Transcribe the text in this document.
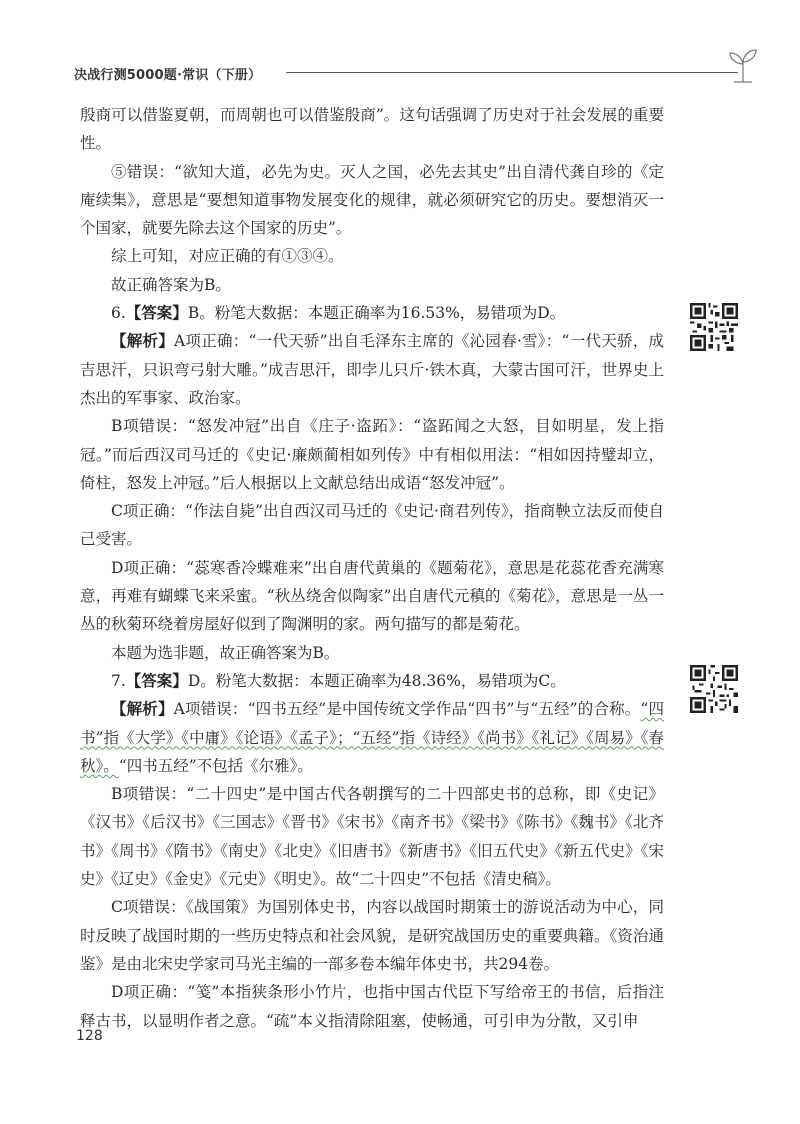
决战行测5000题·常识（下册）

殷商可以借鉴夏朝，而周朝也可以借鉴殷商”。这句话强调了历史对于社会发展的重要性。

⑤错误：“欲知大道，必先为史。灭人之国，必先去其史”出自清代龚自珍的《定庵续集》，意思是“要想知道事物发展变化的规律，就必须研究它的历史。要想消灭一个国家，就要先除去这个国家的历史”。

综上可知，对应正确的有①③④。

故正确答案为B。

6.【答案】B。粉笔大数据：本题正确率为16.53%，易错项为D。

【解析】A项正确：“一代天骄”出自毛泽东主席的《沁园春·雪》：“一代天骄，成吉思汗，只识弯弓射大雕。”成吉思汗，即孛儿只斤·铁木真，大蒙古国可汗，世界史上杰出的军事家、政治家。

B项错误：“怒发冲冠”出自《庄子·盗跖》：“盗跖闻之大怒，目如明星，发上指冠。”而后西汉司马迁的《史记·廉颇蔺相如列传》中有相似用法：“相如因持璧却立，倚柱，怒发上冲冠。”后人根据以上文献总结出成语“怒发冲冠”。

C项正确：“作法自毙”出自西汉司马迁的《史记·商君列传》，指商鞅立法反而使自己受害。

D项正确：“蕊寒香冷蝶难来”出自唐代黄巢的《题菊花》，意思是花蕊花香充满寒意，再难有蝴蝶飞来采蜜。“秋丛绕舍似陶家”出自唐代元稹的《菊花》，意思是一丛一丛的秋菊环绕着房屋好似到了陶渊明的家。两句描写的都是菊花。

本题为选非题，故正确答案为B。

7.【答案】D。粉笔大数据：本题正确率为48.36%，易错项为C。

【解析】A项错误：“四书五经”是中国传统文学作品“四书”与“五经”的合称。“四书”指《大学》《中庸》《论语》《孟子》；“五经”指《诗经》《尚书》《礼记》《周易》《春秋》。“四书五经”不包括《尔雅》。

B项错误：“二十四史”是中国古代各朝撰写的二十四部史书的总称，即《史记》《汉书》《后汉书》《三国志》《晋书》《宋书》《南齐书》《梁书》《陈书》《魏书》《北齐书》《周书》《隋书》《南史》《北史》《旧唐书》《新唐书》《旧五代史》《新五代史》《宋史》《辽史》《金史》《元史》《明史》。故“二十四史”不包括《清史稿》。

C项错误：《战国策》为国别体史书，内容以战国时期策士的游说活动为中心，同时反映了战国时期的一些历史特点和社会风貌，是研究战国历史的重要典籍。《资治通鉴》是由北宋史学家司马光主编的一部多卷本编年体史书，共294卷。

D项正确：“笺”本指狭条形小竹片，也指中国古代臣下写给帝王的书信，后指注释古书，以显明作者之意。“疏”本义指清除阻塞，使畅通，可引申为分散，又引申

128
